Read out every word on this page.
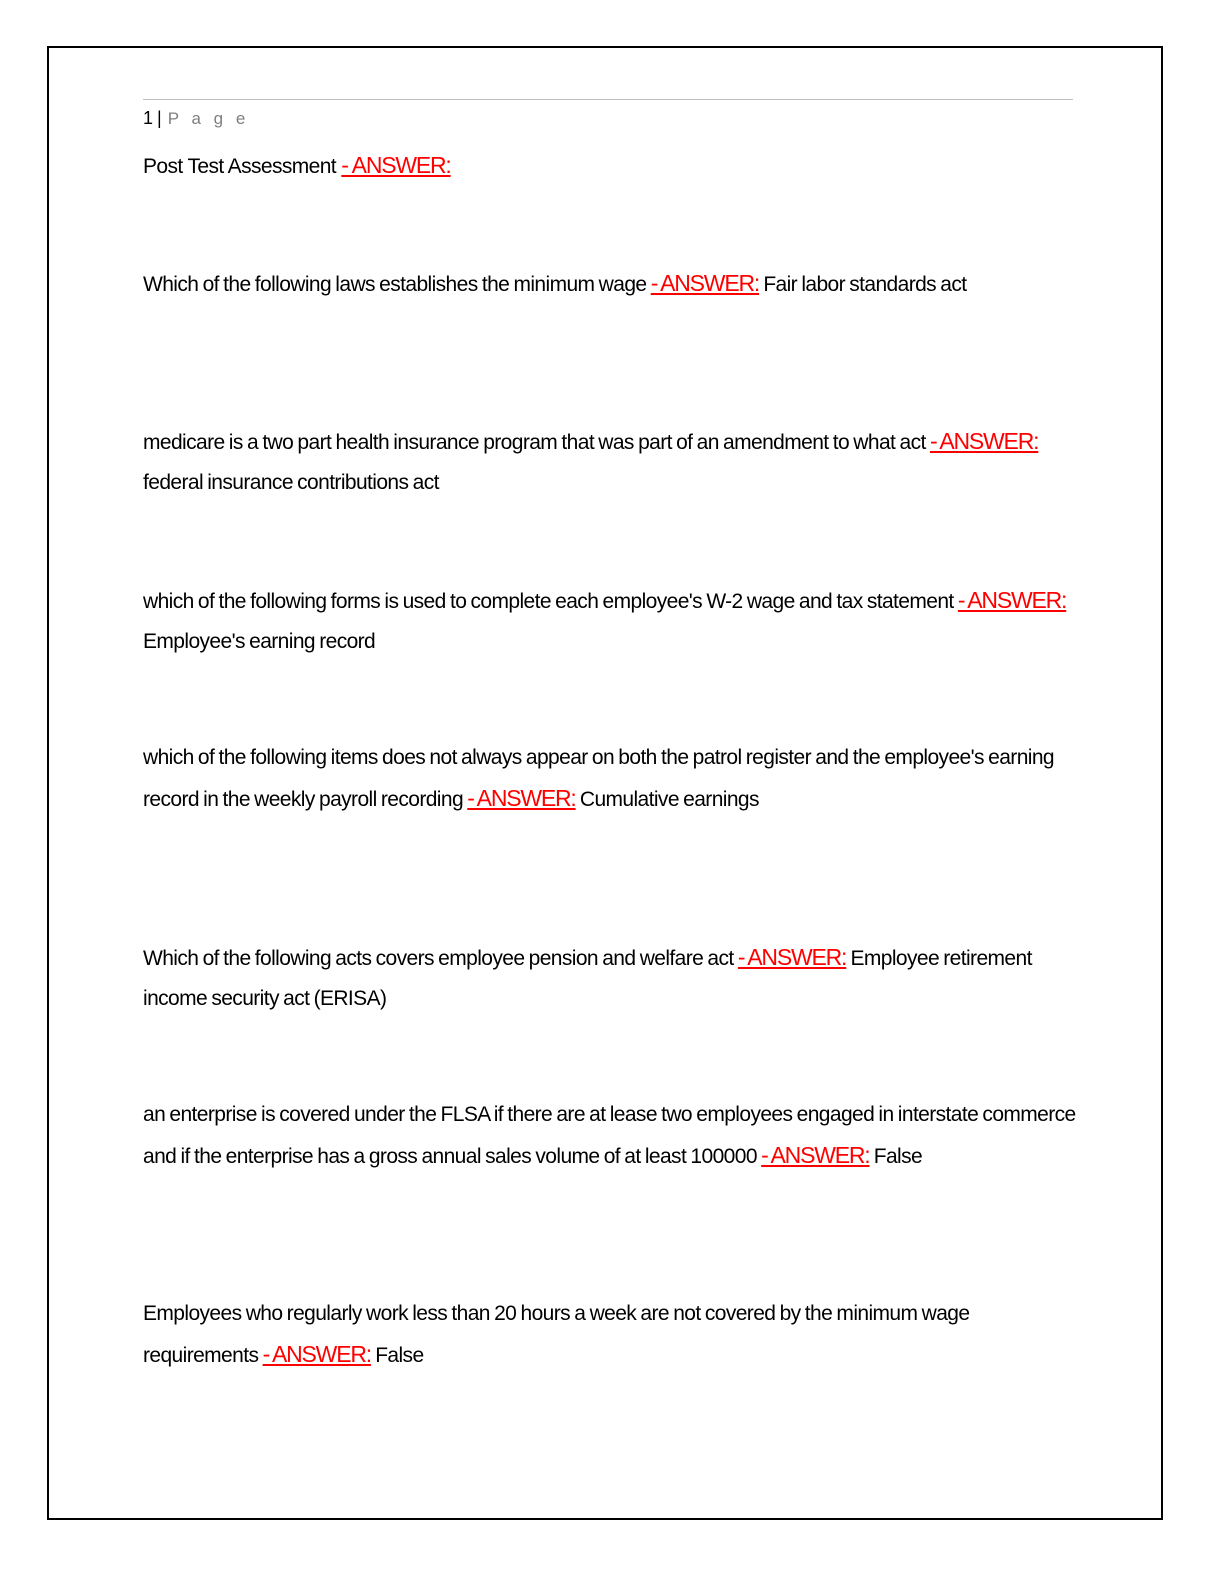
1 | P a g e
Post Test Assessment - ANSWER:
Which of the following laws establishes the minimum wage - ANSWER: Fair labor standards act
medicare is a two part health insurance program that was part of an amendment to what act - ANSWER: federal insurance contributions act
which of the following forms is used to complete each employee's W-2 wage and tax statement - ANSWER: Employee's earning record
which of the following items does not always appear on both the patrol register and the employee's earning record in the weekly payroll recording - ANSWER: Cumulative earnings
Which of the following acts covers employee pension and welfare act - ANSWER: Employee retirement income security act (ERISA)
an enterprise is covered under the FLSA if there are at lease two employees engaged in interstate commerce and if the enterprise has a gross annual sales volume of at least 100000 - ANSWER: False
Employees who regularly work less than 20 hours a week are not covered by the minimum wage requirements - ANSWER: False
